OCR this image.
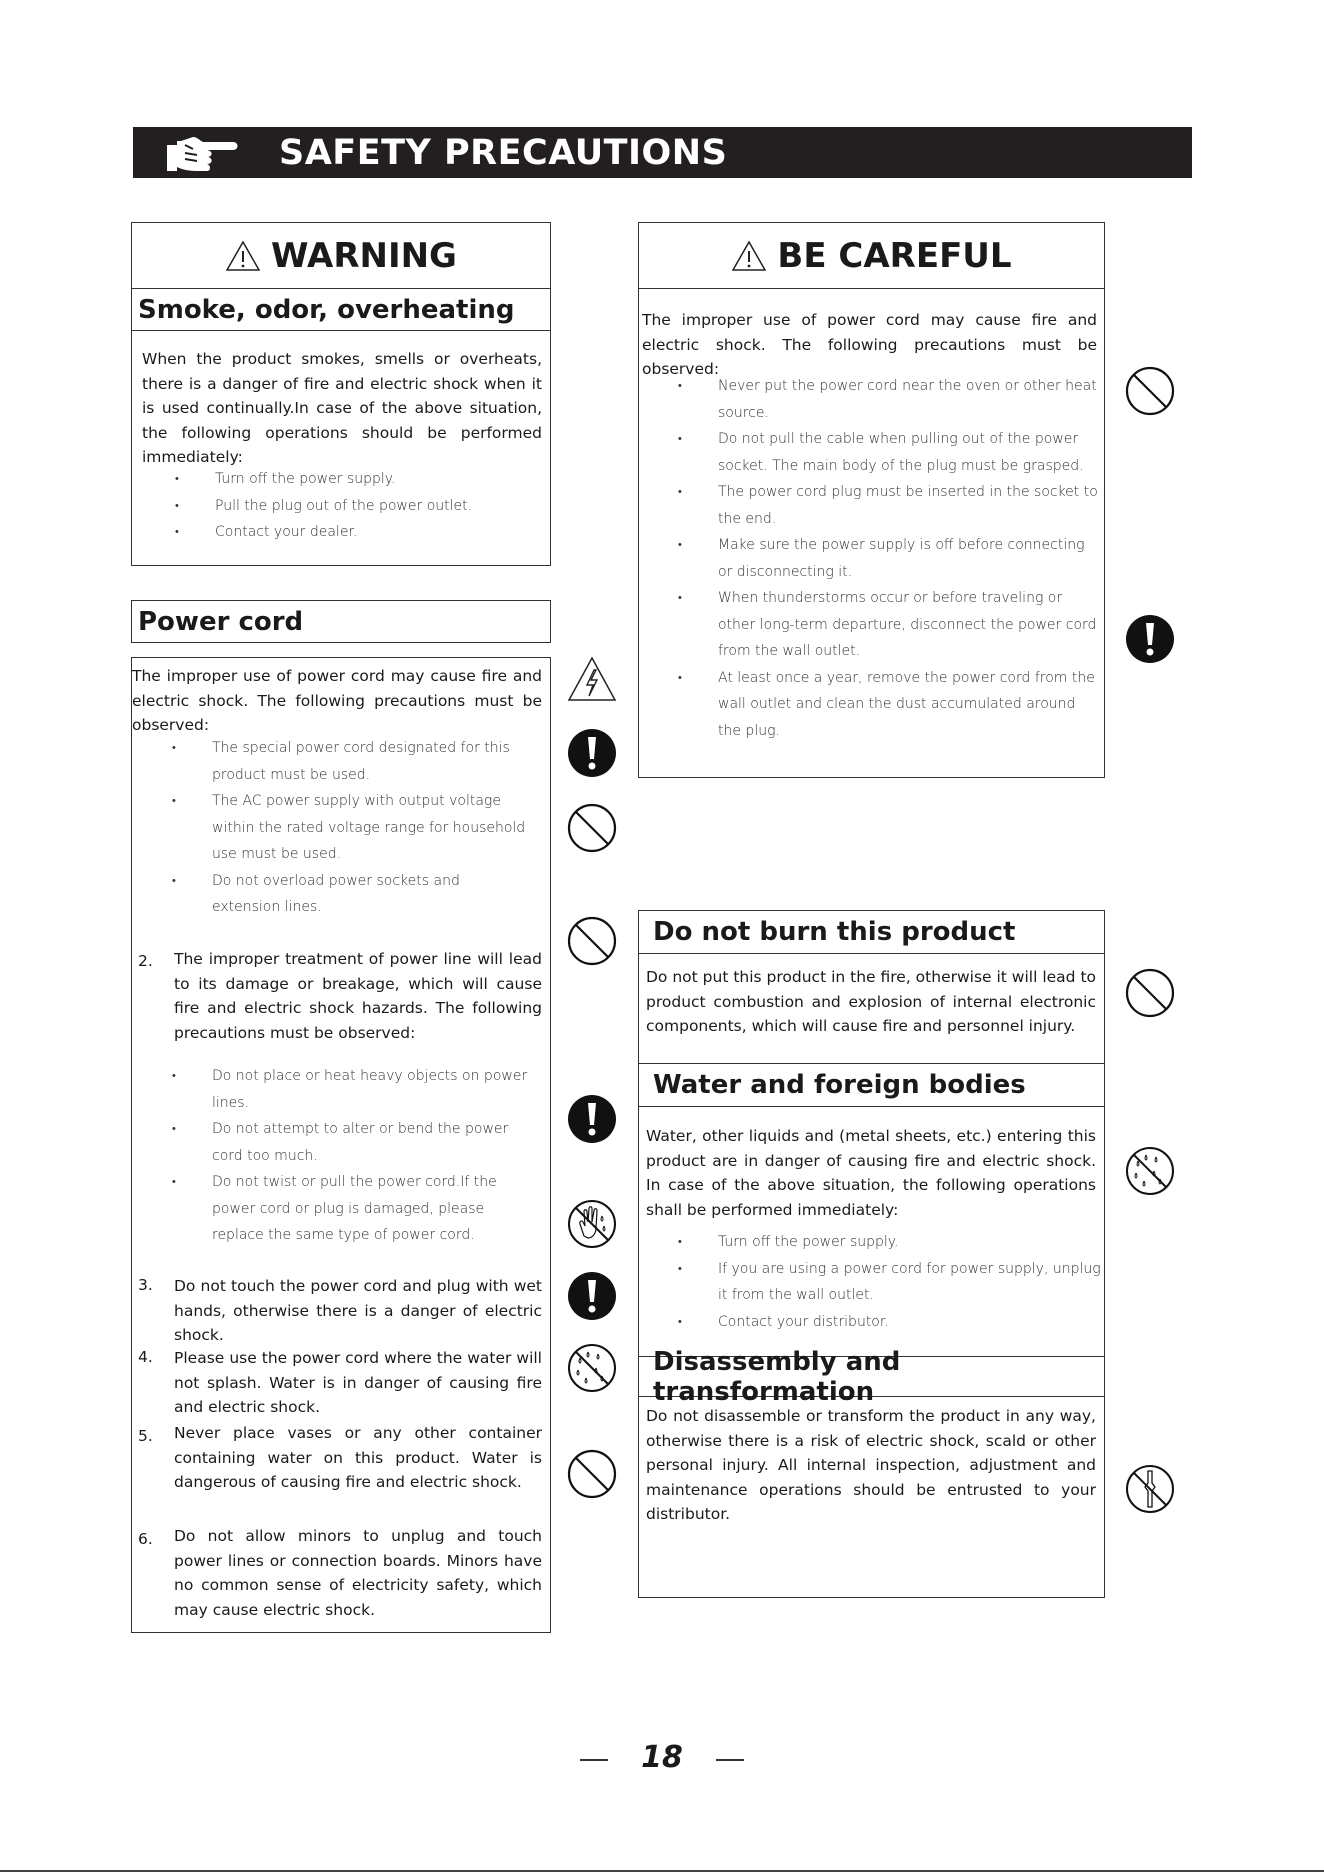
SAFETY PRECAUTIONS
WARNING
Smoke, odor, overheating
When the product smokes, smells or overheats, there is a danger of fire and electric shock when it is used continually.In case of the above situation, the following operations should be performed immediately:
• Turn off the power supply.
• Pull the plug out of the power outlet.
• Contact your dealer.
Power cord
The improper use of power cord may cause fire and electric shock. The following precautions must be observed:
• The special power cord designated for this product must be used.
• The AC power supply with output voltage within the rated voltage range for household use must be used.
• Do not overload power sockets and extension lines.
2. The improper treatment of power line will lead to its damage or breakage, which will cause fire and electric shock hazards. The following precautions must be observed:
• Do not place or heat heavy objects on power lines.
• Do not attempt to alter or bend the power cord too much.
• Do not twist or pull the power cord.If the power cord or plug is damaged, please replace the same type of power cord.
3. Do not touch the power cord and plug with wet hands, otherwise there is a danger of electric shock.
4. Please use the power cord where the water will not splash. Water is in danger of causing fire and electric shock.
5. Never place vases or any other container containing water on this product. Water is dangerous of causing fire and electric shock.
6. Do not allow minors to unplug and touch power lines or connection boards. Minors have no common sense of electricity safety, which may cause electric shock.
BE CAREFUL
The improper use of power cord may cause fire and electric shock. The following precautions must be observed:
• Never put the power cord near the oven or other heat source.
• Do not pull the cable when pulling out of the power socket. The main body of the plug must be grasped.
• The power cord plug must be inserted in the socket to the end.
• Make sure the power supply is off before connecting or disconnecting it.
• When thunderstorms occur or before traveling or other long-term departure, disconnect the power cord from the wall outlet.
• At least once a year, remove the power cord from the wall outlet and clean the dust accumulated around the plug.
Do not burn this product
Do not put this product in the fire, otherwise it will lead to product combustion and explosion of internal electronic components, which will cause fire and personnel injury.
Water and foreign bodies
Water, other liquids and (metal sheets, etc.) entering this product are in danger of causing fire and electric shock. In case of the above situation, the following operations shall be performed immediately:
• Turn off the power supply.
• If you are using a power cord for power supply, unplug it from the wall outlet.
• Contact your distributor.
Disassembly and transformation
Do not disassemble or transform the product in any way, otherwise there is a risk of electric shock, scald or other personal injury. All internal inspection, adjustment and maintenance operations should be entrusted to your distributor.
18
